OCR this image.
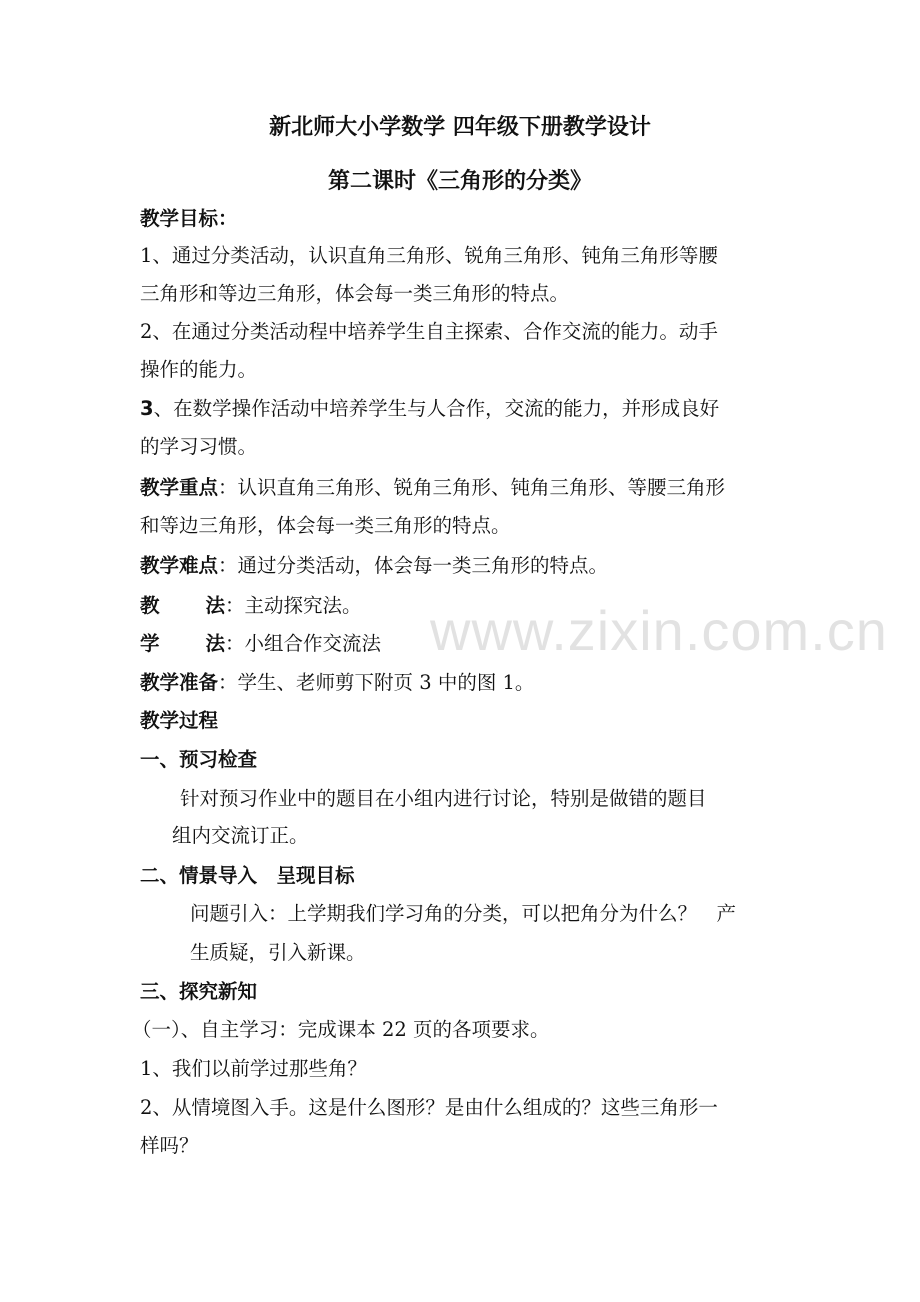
新北师大小学数学 四年级下册教学设计
第二课时《三角形的分类》
教学目标：
1、通过分类活动，认识直角三角形、锐角三角形、钝角三角形等腰
三角形和等边三角形，体会每一类三角形的特点。
2、在通过分类活动程中培养学生自主探索、合作交流的能力。动手
操作的能力。
3、在数学操作活动中培养学生与人合作，交流的能力，并形成良好
的学习习惯。
教学重点：认识直角三角形、锐角三角形、钝角三角形、等腰三角形
和等边三角形，体会每一类三角形的特点。
教学难点：通过分类活动，体会每一类三角形的特点。
教 法：主动探究法。
学 法：小组合作交流法
教学准备：学生、老师剪下附页 3 中的图 1。
教学过程
一、预习检查
针对预习作业中的题目在小组内进行讨论，特别是做错的题目
组内交流订正。
二、情景导入　呈现目标
问题引入：上学期我们学习角的分类，可以把角分为什么？　产
生质疑，引入新课。
三、探究新知
（一）、自主学习：完成课本 22 页的各项要求。
1、我们以前学过那些角？
2、从情境图入手。这是什么图形？是由什么组成的？这些三角形一
样吗？
www.zixin.com.cn
